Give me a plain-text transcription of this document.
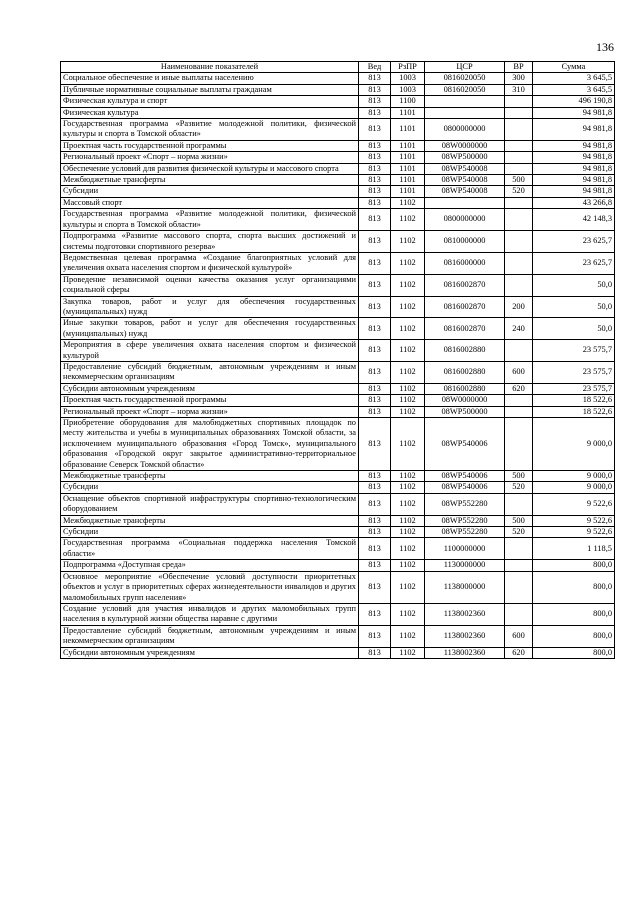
136
Наименование показателей	Вед	РзПР	ЦСР	ВР	Сумма
Социальное обеспечение и иные выплаты населению	813	1003	0816020050	300	3 645,5
Публичные нормативные социальные выплаты гражданам	813	1003	0816020050	310	3 645,5
Физическая культура и спорт	813	1100			496 190,8
Физическая культура	813	1101			94 981,8
Государственная программа «Развитие молодежной политики, физической культуры и спорта в Томской области»	813	1101	0800000000		94 981,8
Проектная часть государственной программы	813	1101	08W0000000		94 981,8
Региональный проект «Спорт – норма жизни»	813	1101	08WP500000		94 981,8
Обеспечение условий для развития физической культуры и массового спорта	813	1101	08WP540008		94 981,8
Межбюджетные трансферты	813	1101	08WP540008	500	94 981,8
Субсидии	813	1101	08WP540008	520	94 981,8
Массовый спорт	813	1102			43 266,8
Государственная программа «Развитие молодежной политики, физической культуры и спорта в Томской области»	813	1102	0800000000		42 148,3
Подпрограмма «Развитие массового спорта, спорта высших достижений и системы подготовки спортивного резерва»	813	1102	0810000000		23 625,7
Ведомственная целевая программа «Создание благоприятных условий для увеличения охвата населения спортом и физической культурой»	813	1102	0816000000		23 625,7
Проведение независимой оценки качества оказания услуг организациями социальной сферы	813	1102	0816002870		50,0
Закупка товаров, работ и услуг для обеспечения государственных (муниципальных) нужд	813	1102	0816002870	200	50,0
Иные закупки товаров, работ и услуг для обеспечения государственных (муниципальных) нужд	813	1102	0816002870	240	50,0
Мероприятия в сфере увеличения охвата населения спортом и физической культурой	813	1102	0816002880		23 575,7
Предоставление субсидий бюджетным, автономным учреждениям и иным некоммерческим организациям	813	1102	0816002880	600	23 575,7
Субсидии автономным учреждениям	813	1102	0816002880	620	23 575,7
Проектная часть государственной программы	813	1102	08W0000000		18 522,6
Региональный проект «Спорт – норма жизни»	813	1102	08WP500000		18 522,6
Приобретение оборудования для малобюджетных спортивных площадок по месту жительства и учебы в муниципальных образованиях Томской области, за исключением муниципального образования «Город Томск», муниципального образования «Городской округ закрытое административно-территориальное образование Северск Томской области»	813	1102	08WP540006		9 000,0
Межбюджетные трансферты	813	1102	08WP540006	500	9 000,0
Субсидии	813	1102	08WP540006	520	9 000,0
Оснащение объектов спортивной инфраструктуры спортивно-технологическим оборудованием	813	1102	08WP552280		9 522,6
Межбюджетные трансферты	813	1102	08WP552280	500	9 522,6
Субсидии	813	1102	08WP552280	520	9 522,6
Государственная программа «Социальная поддержка населения Томской области»	813	1102	1100000000		1 118,5
Подпрограмма «Доступная среда»	813	1102	1130000000		800,0
Основное мероприятие «Обеспечение условий доступности приоритетных объектов и услуг в приоритетных сферах жизнедеятельности инвалидов и других маломобильных групп населения»	813	1102	1138000000		800,0
Создание условий для участия инвалидов и других маломобильных групп населения в культурной жизни общества наравне с другими	813	1102	1138002360		800,0
Предоставление субсидий бюджетным, автономным учреждениям и иным некоммерческим организациям	813	1102	1138002360	600	800,0
Субсидии автономным учреждениям	813	1102	1138002360	620	800,0
